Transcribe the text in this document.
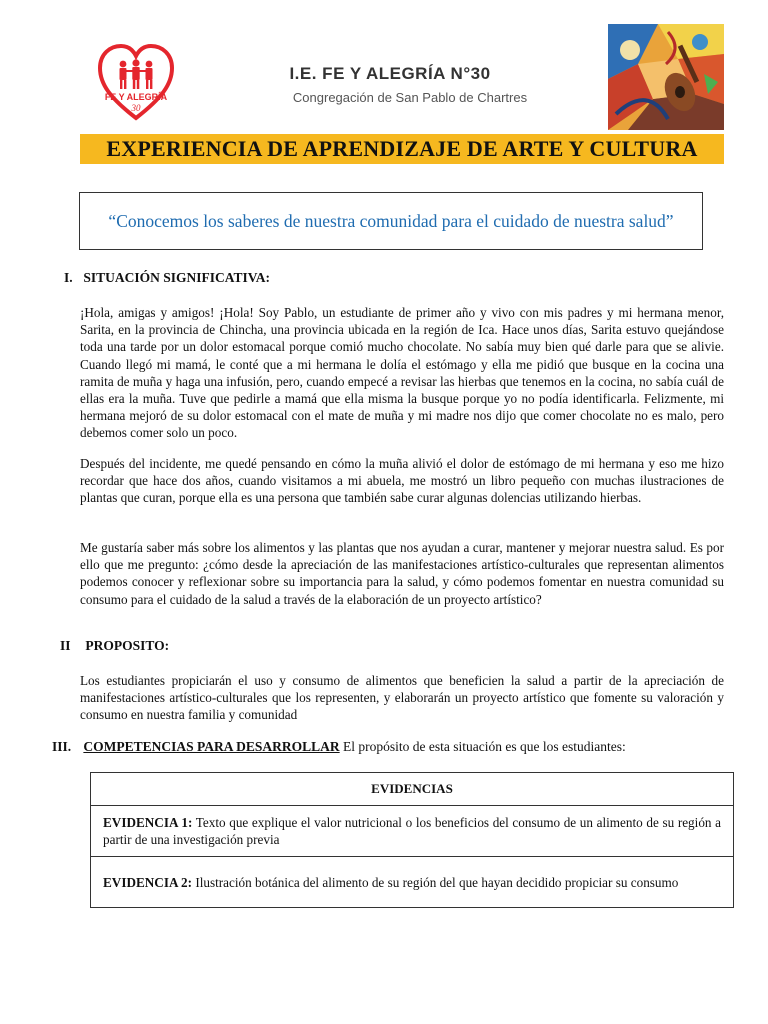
FE Y ALEGRÍA
30
I.E. FE Y ALEGRÍA N°30

Congregación de San Pablo de Chartres

EXPERIENCIA DE APRENDIZAJE DE ARTE Y CULTURA

“Conocemos los saberes de nuestra comunidad para el cuidado de nuestra salud”

I. SITUACIÓN SIGNIFICATIVA:

¡Hola, amigas y amigos! ¡Hola! Soy Pablo, un estudiante de primer año y vivo con mis padres y mi hermana menor, Sarita, en la provincia de Chincha, una provincia ubicada en la región de Ica. Hace unos días, Sarita estuvo quejándose toda una tarde por un dolor estomacal porque comió mucho chocolate. No sabía muy bien qué darle para que se alivie. Cuando llegó mi mamá, le conté que a mi hermana le dolía el estómago y ella me pidió que busque en la cocina una ramita de muña y haga una infusión, pero, cuando empecé a revisar las hierbas que tenemos en la cocina, no sabía cuál de ellas era la muña. Tuve que pedirle a mamá que ella misma la busque porque yo no podía identificarla. Felizmente, mi hermana mejoró de su dolor estomacal con el mate de muña y mi madre nos dijo que comer chocolate no es malo, pero debemos comer solo un poco.

Después del incidente, me quedé pensando en cómo la muña alivió el dolor de estómago de mi hermana y eso me hizo recordar que hace dos años, cuando visitamos a mi abuela, me mostró un libro pequeño con muchas ilustraciones de plantas que curan, porque ella es una persona que también sabe curar algunas dolencias utilizando hierbas.

Me gustaría saber más sobre los alimentos y las plantas que nos ayudan a curar, mantener y mejorar nuestra salud. Es por ello que me pregunto: ¿cómo desde la apreciación de las manifestaciones artístico-culturales que representan alimentos podemos conocer y reflexionar sobre su importancia para la salud, y cómo podemos fomentar en nuestra comunidad su consumo para el cuidado de la salud a través de la elaboración de un proyecto artístico?

II PROPOSITO:

Los estudiantes propiciarán el uso y consumo de alimentos que beneficien la salud a partir de la apreciación de manifestaciones artístico-culturales que los representen, y elaborarán un proyecto artístico que fomente su valoración y consumo en nuestra familia y comunidad

III. COMPETENCIAS PARA DESARROLLAR El propósito de esta situación es que los estudiantes:

EVIDENCIAS
EVIDENCIA 1: Texto que explique el valor nutricional o los beneficios del consumo de un alimento de su región a partir de una investigación previa
EVIDENCIA 2: Ilustración botánica del alimento de su región del que hayan decidido propiciar su consumo
